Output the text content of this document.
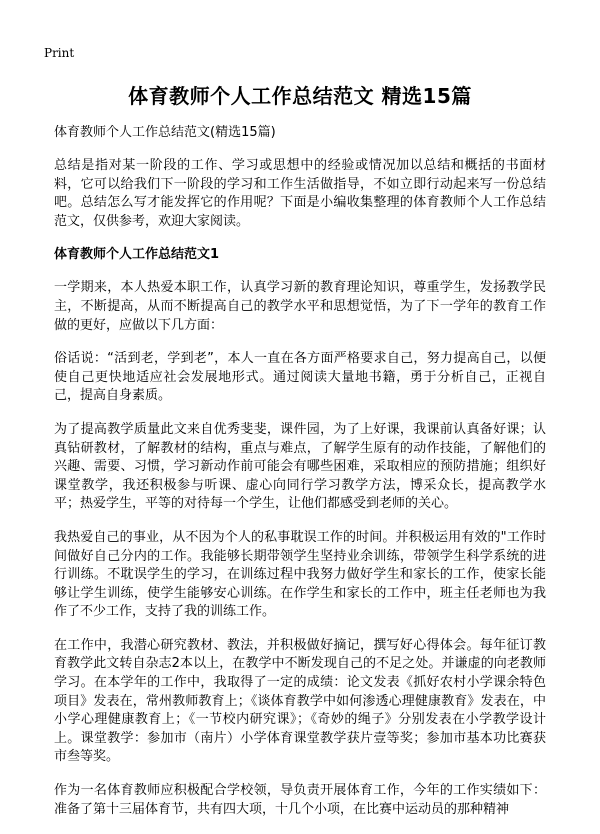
Print
体育教师个人工作总结范文 精选15篇

体育教师个人工作总结范文(精选15篇)

总结是指对某一阶段的工作、学习或思想中的经验或情况加以总结和概括的书面材料，它可以给我们下一阶段的学习和工作生活做指导，不如立即行动起来写一份总结吧。总结怎么写才能发挥它的作用呢？下面是小编收集整理的体育教师个人工作总结范文，仅供参考，欢迎大家阅读。

体育教师个人工作总结范文1

一学期来，本人热爱本职工作，认真学习新的教育理论知识，尊重学生，发扬教学民主，不断提高，从而不断提高自己的教学水平和思想觉悟，为了下一学年的教育工作做的更好，应做以下几方面：

俗话说：“活到老，学到老”，本人一直在各方面严格要求自己，努力提高自己，以便使自己更快地适应社会发展地形式。通过阅读大量地书籍，勇于分析自己，正视自己，提高自身素质。

为了提高教学质量此文来自优秀斐斐，课件园，为了上好课，我课前认真备好课；认真钻研教材，了解教材的结构，重点与难点，了解学生原有的动作技能，了解他们的兴趣、需要、习惯，学习新动作前可能会有哪些困难，采取相应的预防措施；组织好课堂教学，我还积极参与听课、虚心向同行学习教学方法，博采众长，提高教学水平；热爱学生，平等的对待每一个学生，让他们都感受到老师的关心。

我热爱自己的事业，从不因为个人的私事耽误工作的时间。并积极运用有效的"工作时间做好自己分内的工作。我能够长期带领学生坚持业余训练，带领学生科学系统的进行训练。不耽误学生的学习，在训练过程中我努力做好学生和家长的工作，使家长能够让学生训练，使学生能够安心训练。在作学生和家长的工作中，班主任老师也为我作了不少工作，支持了我的训练工作。

在工作中，我潜心研究教材、教法，并积极做好摘记，撰写好心得体会。每年征订教育教学此文转自杂志2本以上，在教学中不断发现自己的不足之处。并谦虚的向老教师学习。在本学年的工作中，我取得了一定的成绩：论文发表《抓好农村小学课余特色项目》发表在，常州教师教育上；《谈体育教学中如何渗透心理健康教育》发表在，中小学心理健康教育上；《一节校内研究课》；《奇妙的绳子》分别发表在小学教学设计上。课堂教学：参加市（南片）小学体育课堂教学获片壹等奖；参加市基本功比赛获市叁等奖。

作为一名体育教师应积极配合学校领，导负责开展体育工作，今年的工作实绩如下：准备了第十三届体育节，共有四大项，十几个小项，在比赛中运动员的那种精神
